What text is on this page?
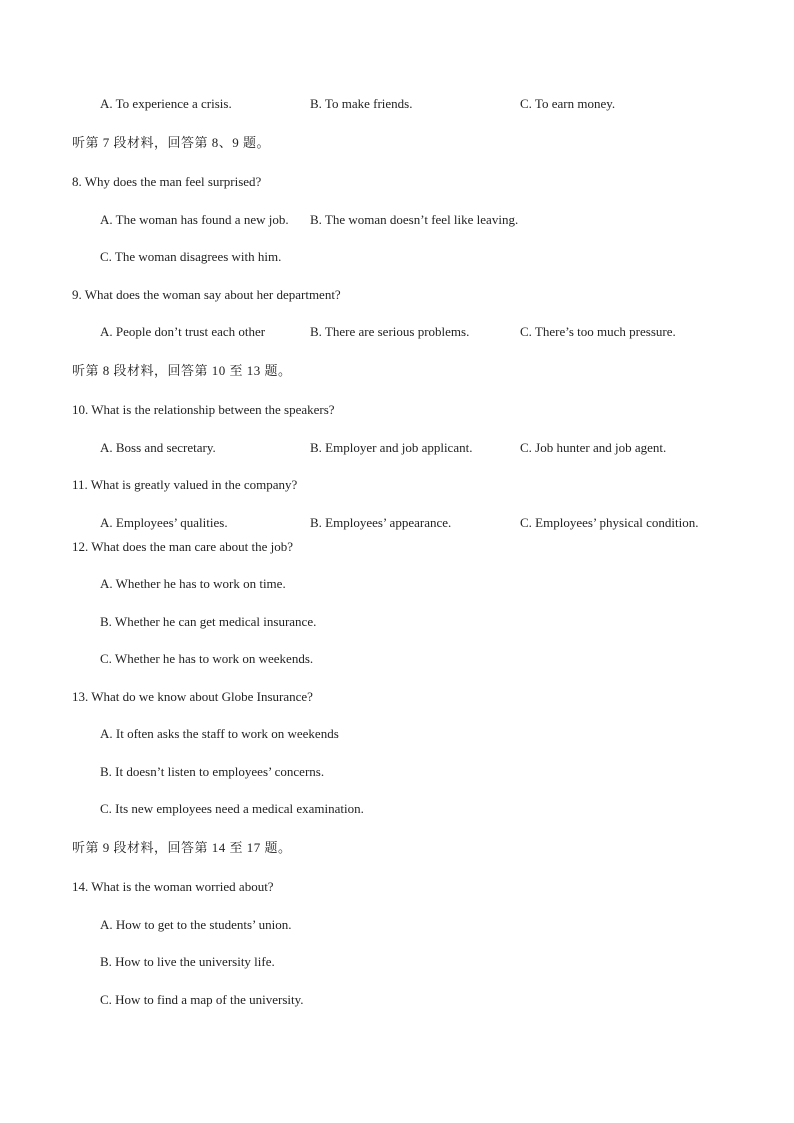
A. To experience a crisis.	B. To make friends.	C. To earn money.
听第 7 段材料，回答第 8、9 题。
8. Why does the man feel surprised?
A. The woman has found a new job. B. The woman doesn’t feel like leaving.
C. The woman disagrees with him.
9. What does the woman say about her department?
A. People don’t trust each other	B. There are serious problems.	C. There’s too much pressure.
听第 8 段材料，回答第 10 至 13 题。
10. What is the relationship between the speakers?
A. Boss and secretary.	B. Employer and job applicant.	C. Job hunter and job agent.
11. What is greatly valued in the company?
A. Employees’ qualities.	B. Employees’ appearance.	C. Employees’ physical condition.
12. What does the man care about the job?
A. Whether he has to work on time.
B. Whether he can get medical insurance.
C. Whether he has to work on weekends.
13. What do we know about Globe Insurance?
A. It often asks the staff to work on weekends
B. It doesn’t listen to employees’ concerns.
C. Its new employees need a medical examination.
听第 9 段材料，回答第 14 至 17 题。
14. What is the woman worried about?
A. How to get to the students’ union.
B. How to live the university life.
C. How to find a map of the university.
